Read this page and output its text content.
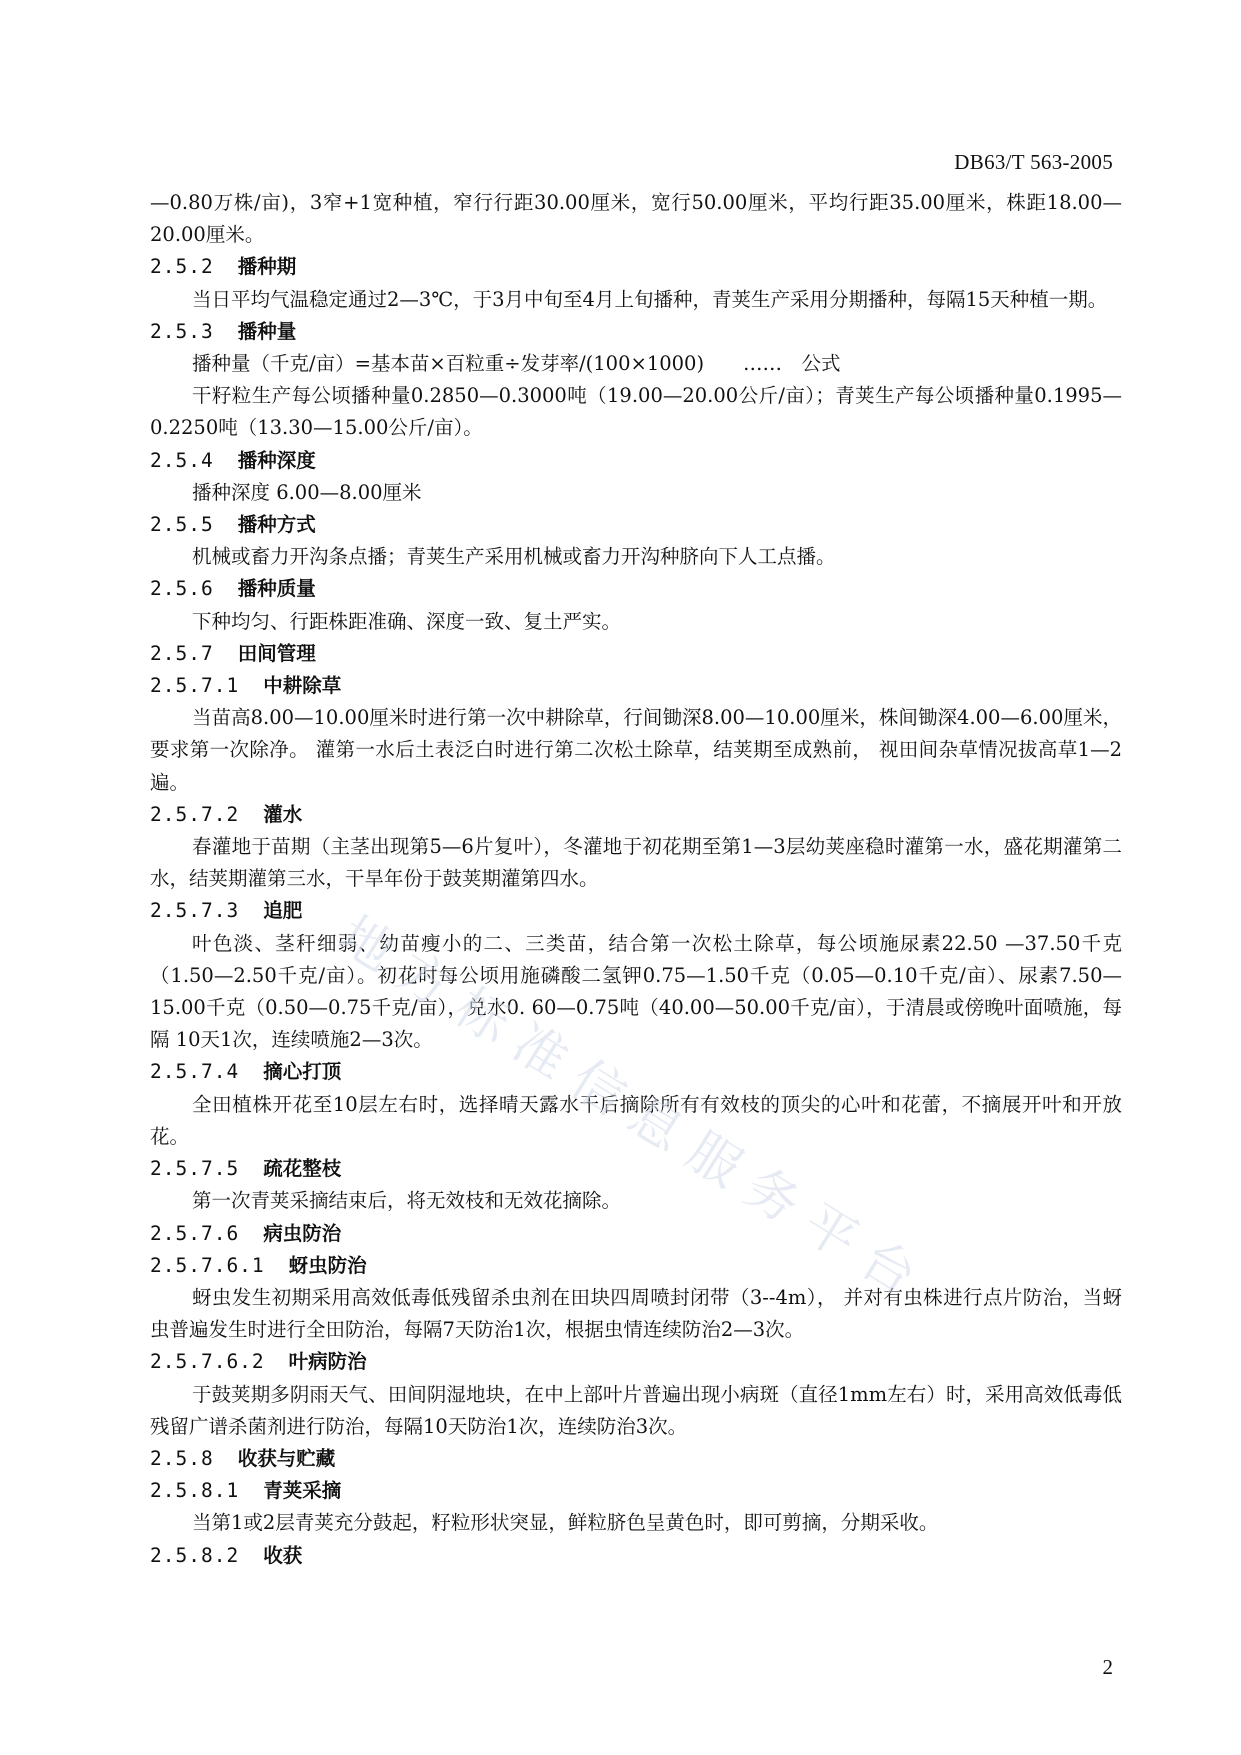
DB63/T 563-2005

—0.80万株/亩)，3窄+1宽种植，窄行行距30.00厘米，宽行50.00厘米，平均行距35.00厘米，株距18.00—20.00厘米。

2.5.2 播种期

当日平均气温稳定通过2—3℃，于3月中旬至4月上旬播种，青荚生产采用分期播种，每隔15天种植一期。

2.5.3 播种量

播种量（千克/亩）=基本苗×百粒重÷发芽率/(100×1000)　　……　公式

干籽粒生产每公顷播种量0.2850—0.3000吨（19.00—20.00公斤/亩）；青荚生产每公顷播种量0.1995—0.2250吨（13.30—15.00公斤/亩）。

2.5.4 播种深度

播种深度 6.00—8.00厘米

2.5.5 播种方式

机械或畜力开沟条点播；青荚生产采用机械或畜力开沟种脐向下人工点播。

2.5.6 播种质量

下种均匀、行距株距准确、深度一致、复土严实。

2.5.7 田间管理
2.5.7.1 中耕除草

当苗高8.00—10.00厘米时进行第一次中耕除草，行间锄深8.00—10.00厘米，株间锄深4.00—6.00厘米，要求第一次除净。 灌第一水后土表泛白时进行第二次松土除草，结荚期至成熟前， 视田间杂草情况拔高草1—2遍。

2.5.7.2 灌水

春灌地于苗期（主茎出现第5—6片复叶），冬灌地于初花期至第1—3层幼荚座稳时灌第一水，盛花期灌第二水，结荚期灌第三水，干旱年份于鼓荚期灌第四水。

2.5.7.3 追肥

叶色淡、茎秆细弱、幼苗瘦小的二、三类苗，结合第一次松土除草，每公顷施尿素22.50 —37.50千克（1.50—2.50千克/亩）。初花时每公顷用施磷酸二氢钾0.75—1.50千克（0.05—0.10千克/亩）、尿素7.50—15.00千克（0.50—0.75千克/亩），兑水0. 60—0.75吨（40.00—50.00千克/亩），于清晨或傍晚叶面喷施，每隔 10天1次，连续喷施2—3次。

2.5.7.4 摘心打顶

全田植株开花至10层左右时，选择晴天露水干后摘除所有有效枝的顶尖的心叶和花蕾，不摘展开叶和开放花。

2.5.7.5 疏花整枝

第一次青荚采摘结束后，将无效枝和无效花摘除。

2.5.7.6 病虫防治
2.5.7.6.1 蚜虫防治

蚜虫发生初期采用高效低毒低残留杀虫剂在田块四周喷封闭带（3--4m）， 并对有虫株进行点片防治，当蚜虫普遍发生时进行全田防治，每隔7天防治1次，根据虫情连续防治2—3次。

2.5.7.6.2 叶病防治

于鼓荚期多阴雨天气、田间阴湿地块，在中上部叶片普遍出现小病斑（直径1mm左右）时，采用高效低毒低残留广谱杀菌剂进行防治，每隔10天防治1次，连续防治3次。

2.5.8 收获与贮藏
2.5.8.1 青荚采摘

当第1或2层青荚充分鼓起，籽粒形状突显，鲜粒脐色呈黄色时，即可剪摘，分期采收。

2.5.8.2 收获
地
方
标
准
信
息
服
务
平
台
2
